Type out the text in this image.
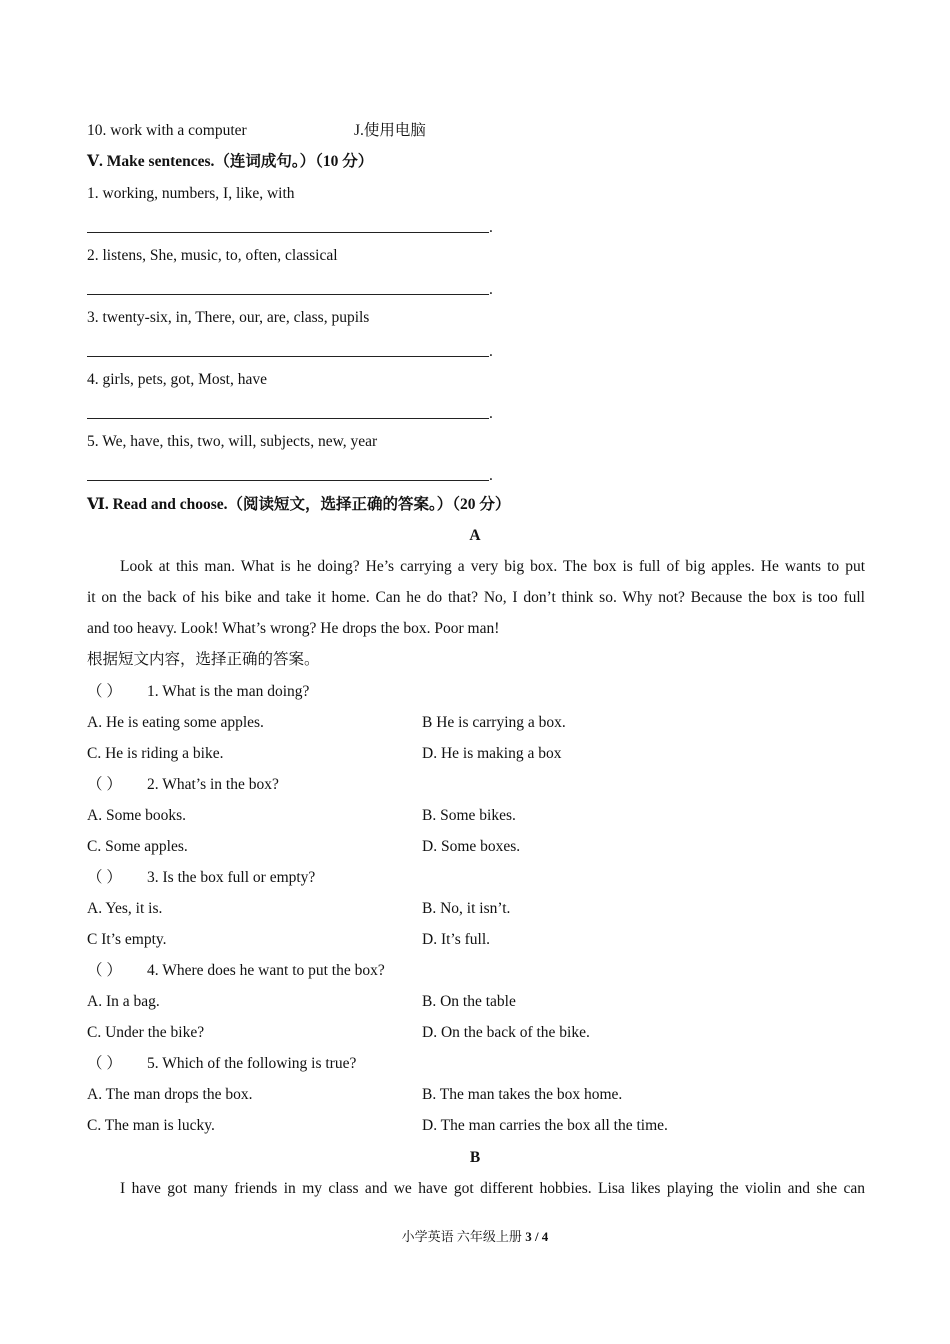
10. work with a computer	J.使用电脑
Ⅴ. Make sentences.（连词成句。）（10 分）
1. working, numbers, I, like, with
.
2. listens, She, music, to, often, classical
.
3. twenty-six, in, There, our, are, class, pupils
.
4. girls, pets, got, Most, have
.
5. We, have, this, two, will, subjects, new, year
.
Ⅵ. Read and choose.（阅读短文，选择正确的答案。）（20 分）
A
Look at this man. What is he doing? He’s carrying a very big box. The box is full of big apples. He wants to put
it on the back of his bike and take it home. Can he do that? No, I don’t think so. Why not? Because the box is too full
and too heavy. Look! What’s wrong? He drops the box. Poor man!
根据短文内容，选择正确的答案。
（ ） 1. What is the man doing?
A. He is eating some apples.	B He is carrying a box.
C. He is riding a bike.	D. He is making a box
（ ） 2. What’s in the box?
A. Some books.	B. Some bikes.
C. Some apples.	D. Some boxes.
（ ） 3. Is the box full or empty?
A. Yes, it is.	B. No, it isn’t.
C It’s empty.	D. It’s full.
（ ） 4. Where does he want to put the box?
A. In a bag.	B. On the table
C. Under the bike?	D. On the back of the bike.
（ ） 5. Which of the following is true?
A. The man drops the box.	B. The man takes the box home.
C. The man is lucky.	D. The man carries the box all the time.
B
I have got many friends in my class and we have got different hobbies. Lisa likes playing the violin and she can
小学英语 六年级上册 3 / 4
